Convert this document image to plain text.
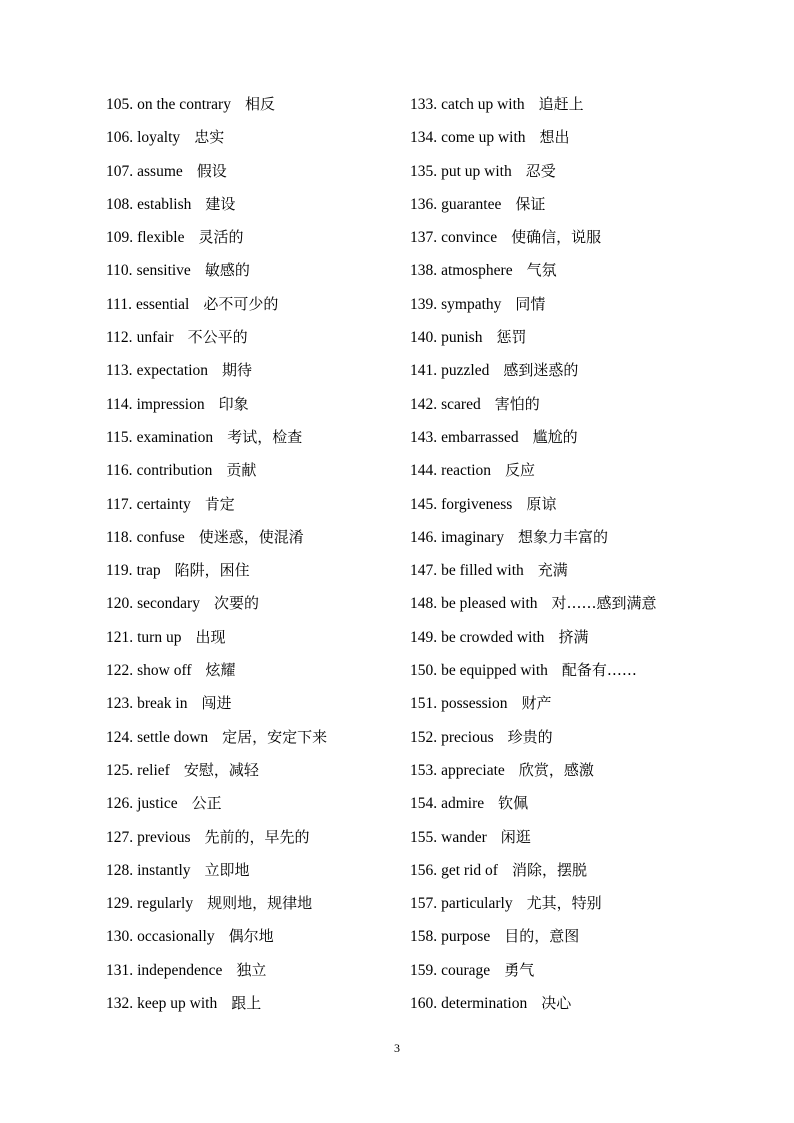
105. on the contrary 相反
106. loyalty 忠实
107. assume 假设
108. establish 建设
109. flexible 灵活的
110. sensitive 敏感的
111. essential 必不可少的
112. unfair 不公平的
113. expectation 期待
114. impression 印象
115. examination 考试，检查
116. contribution 贡献
117. certainty 肯定
118. confuse 使迷惑，使混淆
119. trap 陷阱，困住
120. secondary 次要的
121. turn up 出现
122. show off 炫耀
123. break in 闯进
124. settle down 定居，安定下来
125. relief 安慰，减轻
126. justice 公正
127. previous 先前的，早先的
128. instantly 立即地
129. regularly 规则地，规律地
130. occasionally 偶尔地
131. independence 独立
132. keep up with 跟上
133. catch up with 追赶上
134. come up with 想出
135. put up with 忍受
136. guarantee 保证
137. convince 使确信，说服
138. atmosphere 气氛
139. sympathy 同情
140. punish 惩罚
141. puzzled 感到迷惑的
142. scared 害怕的
143. embarrassed 尴尬的
144. reaction 反应
145. forgiveness 原谅
146. imaginary 想象力丰富的
147. be filled with 充满
148. be pleased with 对……感到满意
149. be crowded with 挤满
150. be equipped with 配备有……
151. possession 财产
152. precious 珍贵的
153. appreciate 欣赏，感激
154. admire 钦佩
155. wander 闲逛
156. get rid of 消除，摆脱
157. particularly 尤其，特别
158. purpose 目的，意图
159. courage 勇气
160. determination 决心
3
